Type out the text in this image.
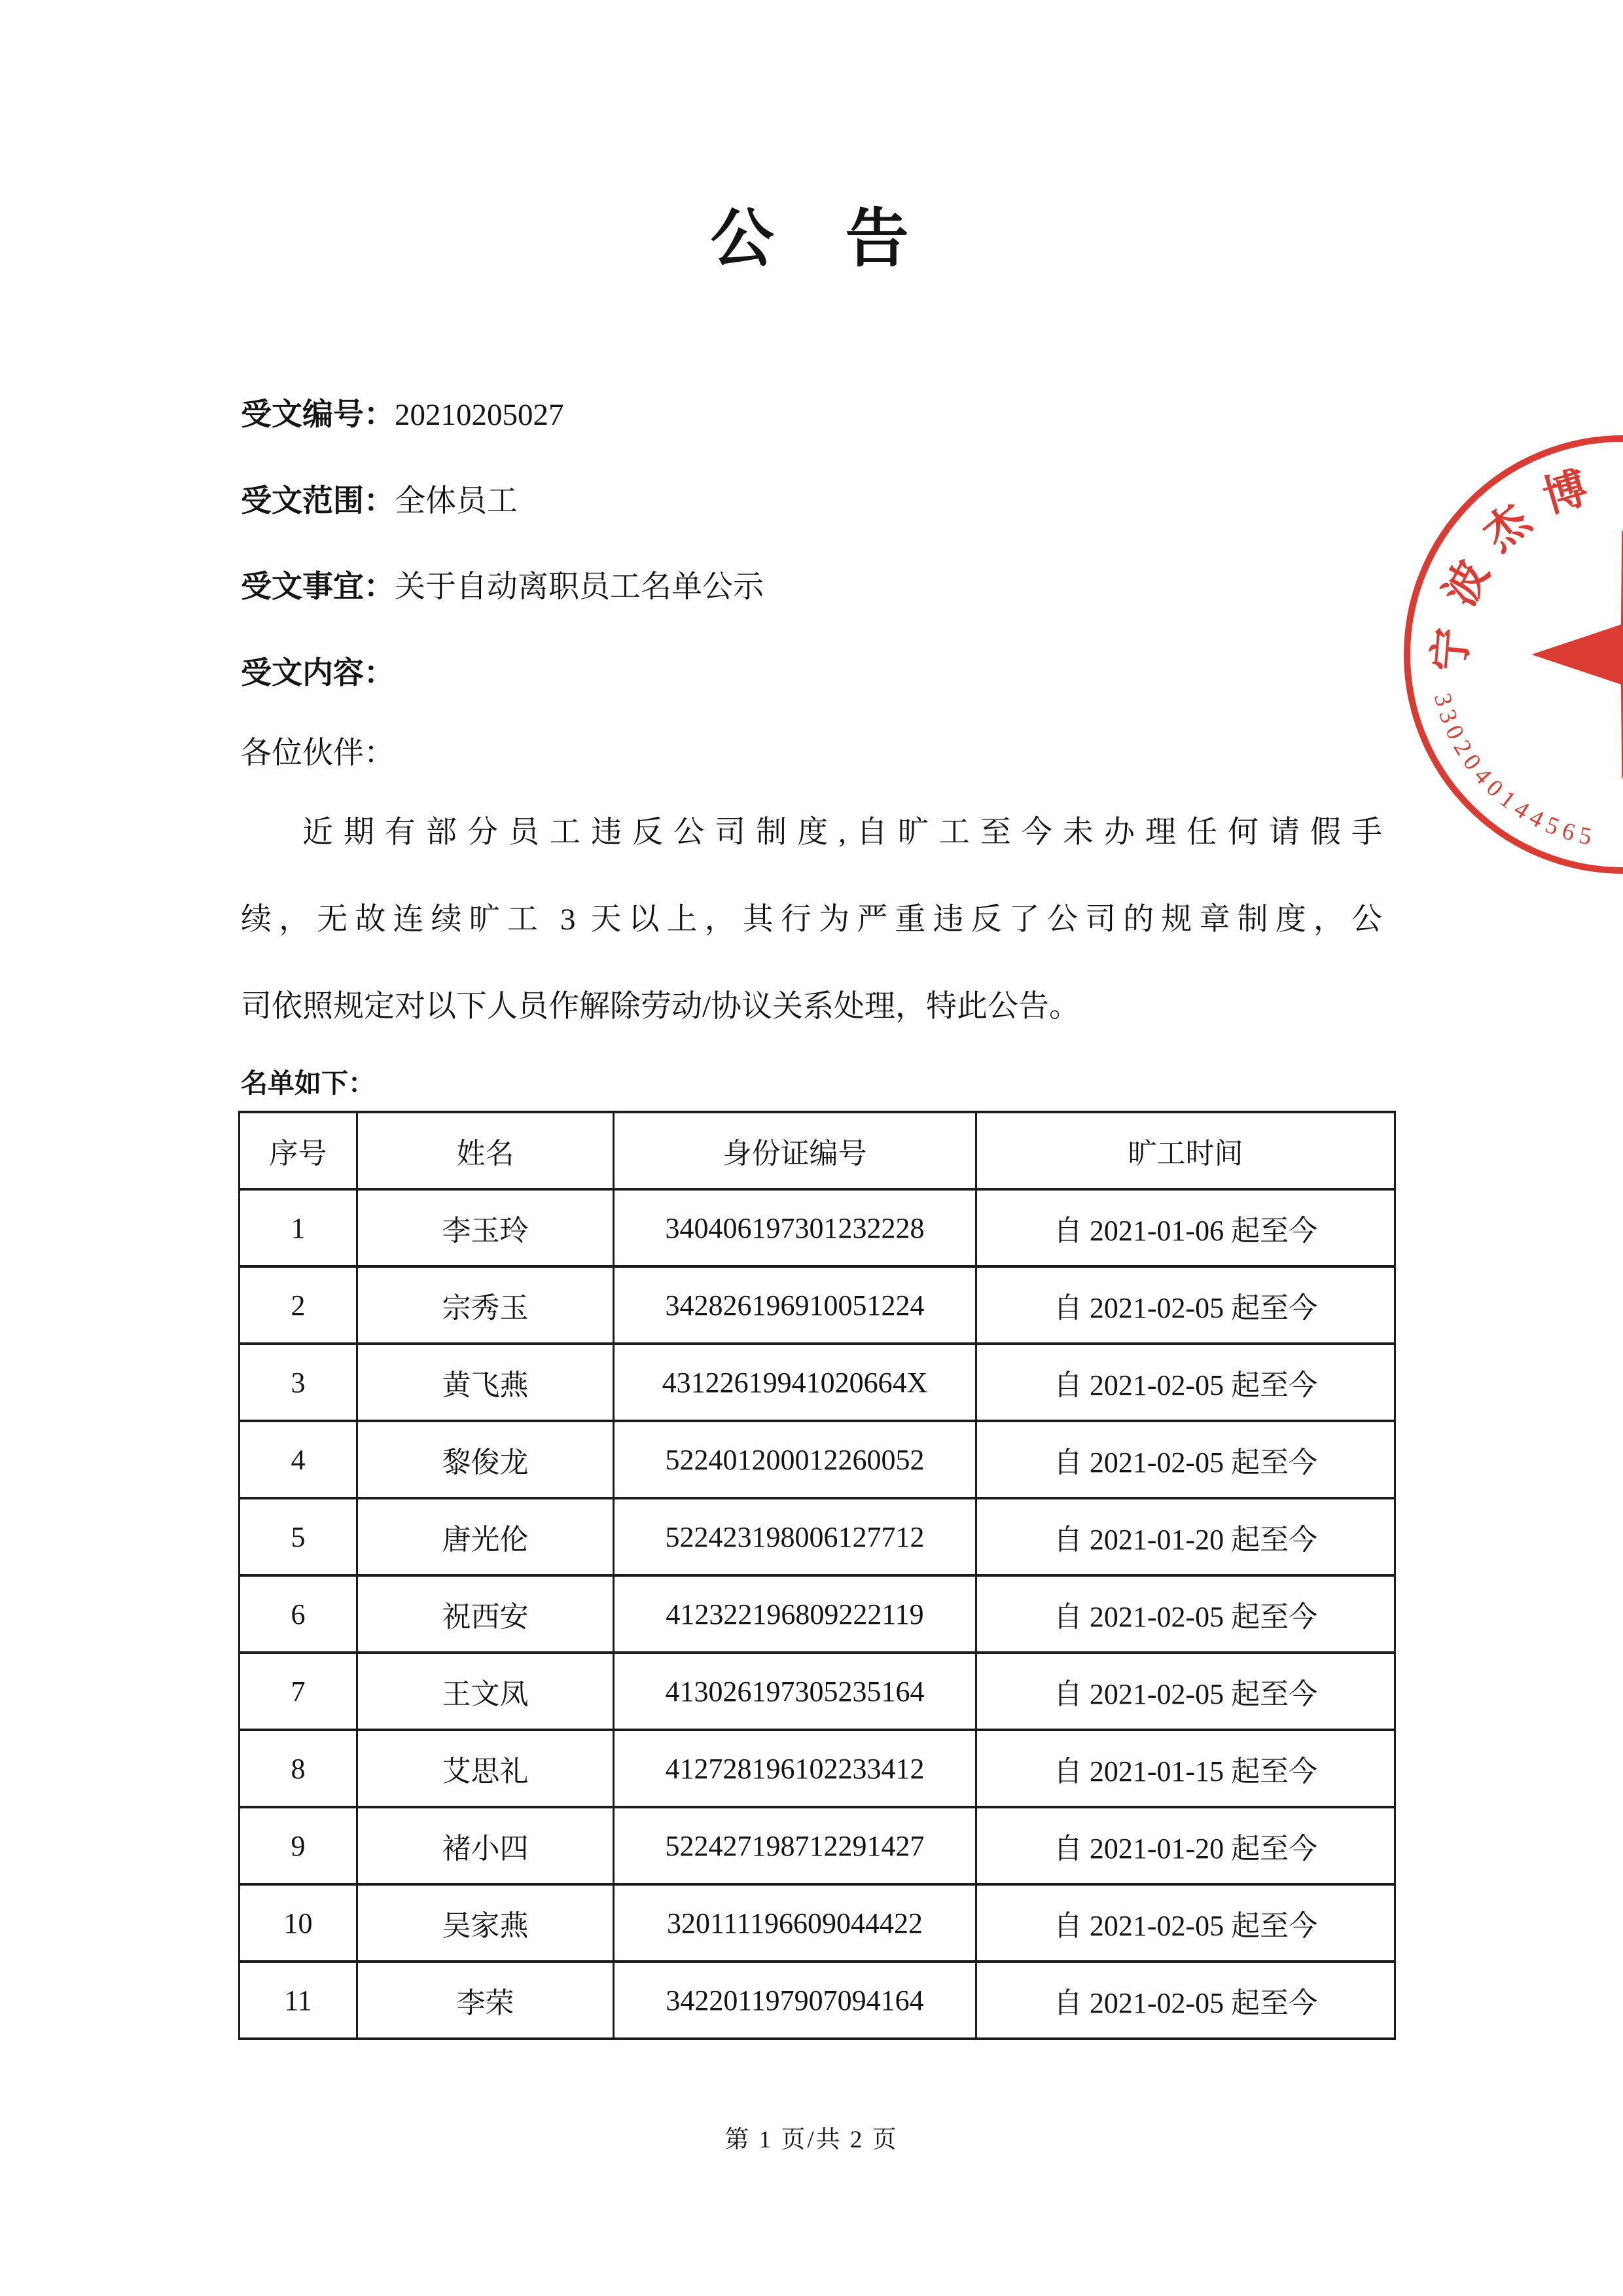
公　告
受文编号：20210205027
受文范围：全体员工
受文事宜：关于自动离职员工名单公示
受文内容：
各位伙伴：
近期有部分员工违反公司制度,自旷工至今未办理任何请假手
续，无故连续旷工 3 天以上，其行为严重违反了公司的规章制度，公
司依照规定对以下人员作解除劳动/协议关系处理，特此公告。
名单如下：
序号	姓名	身份证编号	旷工时间
1	李玉玲	340406197301232228	自 2021-01-06 起至今
2	宗秀玉	342826196910051224	自 2021-02-05 起至今
3	黄飞燕	43122619941020664X	自 2021-02-05 起至今
4	黎俊龙	522401200012260052	自 2021-02-05 起至今
5	唐光伦	522423198006127712	自 2021-01-20 起至今
6	祝西安	412322196809222119	自 2021-02-05 起至今
7	王文凤	413026197305235164	自 2021-02-05 起至今
8	艾思礼	412728196102233412	自 2021-01-15 起至今
9	褚小四	522427198712291427	自 2021-01-20 起至今
10	吴家燕	320111196609044422	自 2021-02-05 起至今
11	李荣	342201197907094164	自 2021-02-05 起至今
第 1 页/共 2 页
宁波杰博
3302040144565
